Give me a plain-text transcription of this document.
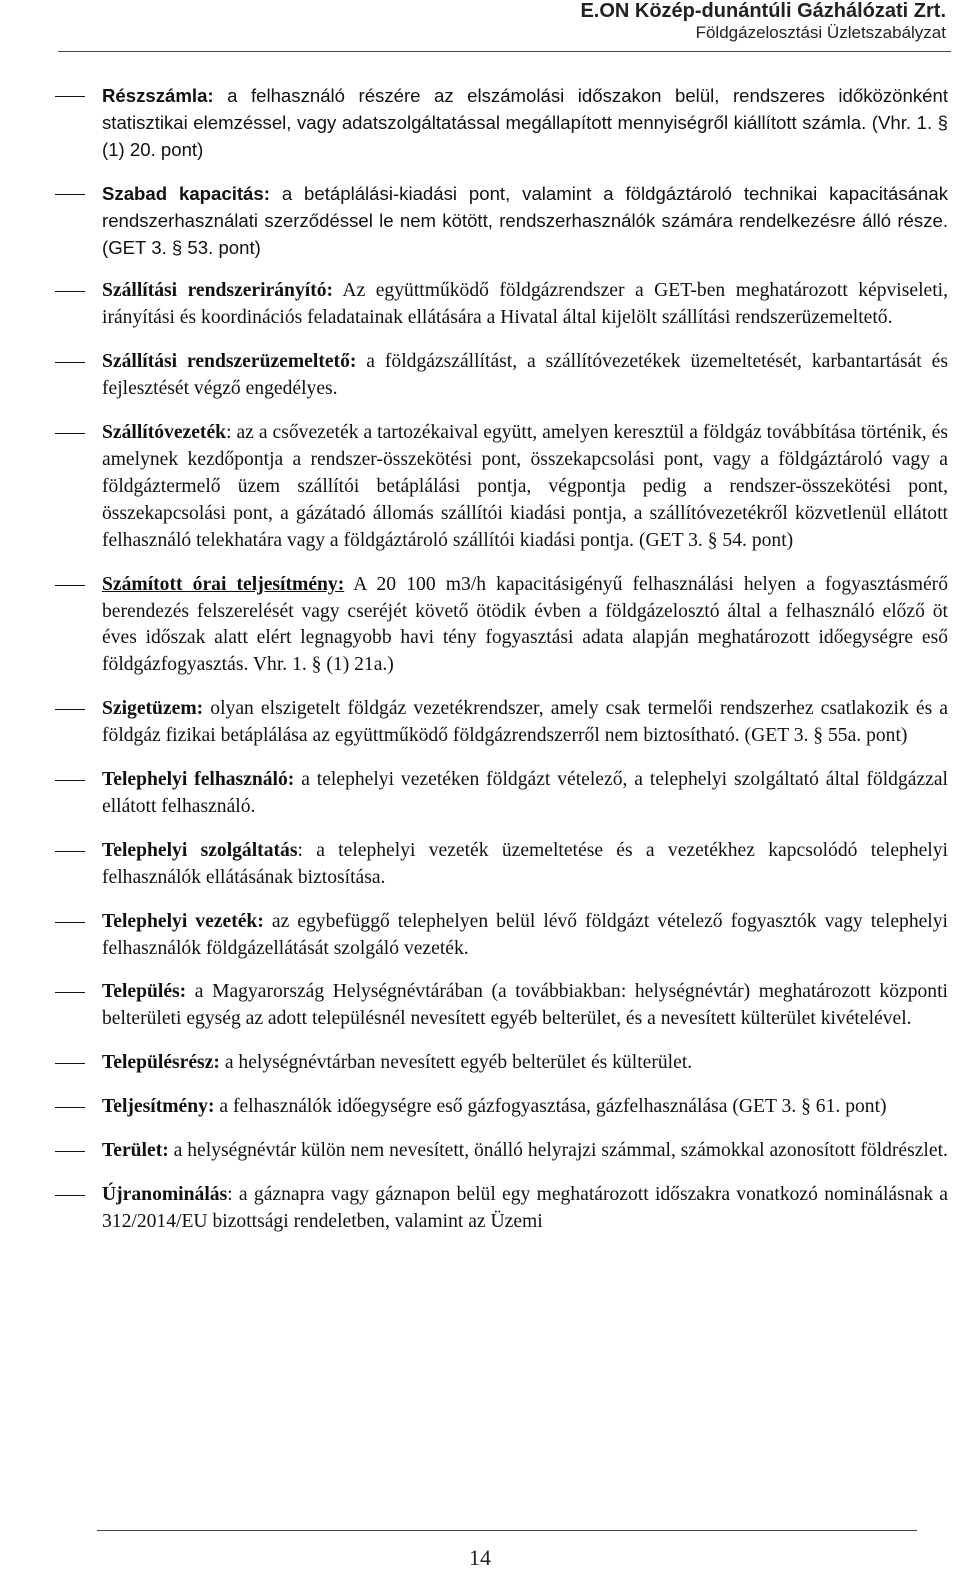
E.ON Közép-dunántúli Gázhálózati Zrt.
Földgázelosztási Üzletszabályzat
Részszámla: a felhasználó részére az elszámolási időszakon belül, rendszeres időközönként statisztikai elemzéssel, vagy adatszolgáltatással megállapított mennyiségről kiállított számla. (Vhr. 1. § (1) 20. pont)
Szabad kapacitás: a betáplálási-kiadási pont, valamint a földgáztároló technikai kapacitásának rendszerhasználati szerződéssel le nem kötött, rendszerhasználók számára rendelkezésre álló része. (GET 3. § 53. pont)
Szállítási rendszerirányító: Az együttműködő földgázrendszer a GET-ben meghatározott képviseleti, irányítási és koordinációs feladatainak ellátására a Hivatal által kijelölt szállítási rendszerüzemeltető.
Szállítási rendszerüzemeltető: a földgázszállítást, a szállítóvezetékek üzemeltetését, karbantartását és fejlesztését végző engedélyes.
Szállítóvezeték: az a csővezeték a tartozékaival együtt, amelyen keresztül a földgáz továbbítása történik, és amelynek kezdőpontja a rendszer-összekötési pont, összekapcsolási pont, vagy a földgáztároló vagy a földgáztermelő üzem szállítói betáplálási pontja, végpontja pedig a rendszer-összekötési pont, összekapcsolási pont, a gázátadó állomás szállítói kiadási pontja, a szállítóvezetékről közvetlenül ellátott felhasználó telekhatára vagy a földgáztároló szállítói kiadási pontja. (GET 3. § 54. pont)
Számított órai teljesítmény: A 20 100 m3/h kapacitásigényű felhasználási helyen a fogyasztásmérő berendezés felszerelését vagy cseréjét követő ötödik évben a földgázelosztó által a felhasználó előző öt éves időszak alatt elért legnagyobb havi tény fogyasztási adata alapján meghatározott időegységre eső földgázfogyasztás. Vhr. 1. § (1) 21a.)
Szigetüzem: olyan elszigetelt földgáz vezetékrendszer, amely csak termelői rendszerhez csatlakozik és a földgáz fizikai betáplálása az együttműködő földgázrendszerről nem biztosítható. (GET 3. § 55a. pont)
Telephelyi felhasználó: a telephelyi vezetéken földgázt vételező, a telephelyi szolgáltató által földgázzal ellátott felhasználó.
Telephelyi szolgáltatás: a telephelyi vezeték üzemeltetése és a vezetékhez kapcsolódó telephelyi felhasználók ellátásának biztosítása.
Telephelyi vezeték: az egybefüggő telephelyen belül lévő földgázt vételező fogyasztók vagy telephelyi felhasználók földgázellátását szolgáló vezeték.
Település: a Magyarország Helységnévtárában (a továbbiakban: helységnévtár) meghatározott központi belterületi egység az adott településnél nevesített egyéb belterület, és a nevesített külterület kivételével.
Településrész: a helységnévtárban nevesített egyéb belterület és külterület.
Teljesítmény: a felhasználók időegységre eső gázfogyasztása, gázfelhasználása (GET 3. § 61. pont)
Terület: a helységnévtár külön nem nevesített, önálló helyrajzi számmal, számokkal azonosított földrészlet.
Újranominálás: a gáznapra vagy gáznapon belül egy meghatározott időszakra vonatkozó nominálásnak a 312/2014/EU bizottsági rendeletben, valamint az Üzemi
14
